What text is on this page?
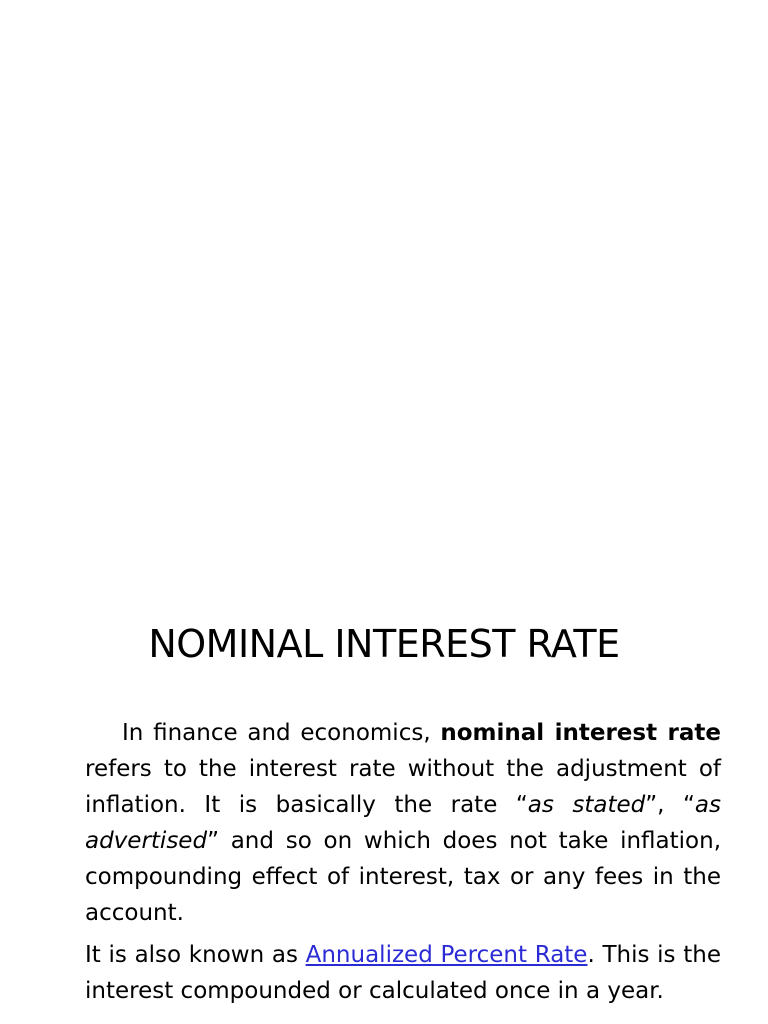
NOMINAL INTEREST RATE

In finance and economics, nominal interest rate refers to the interest rate without the adjustment of inflation. It is basically the rate “as stated”, “as advertised” and so on which does not take inflation, compounding effect of interest, tax or any fees in the account.

It is also known as Annualized Percent Rate. This is the interest compounded or calculated once in a year.
